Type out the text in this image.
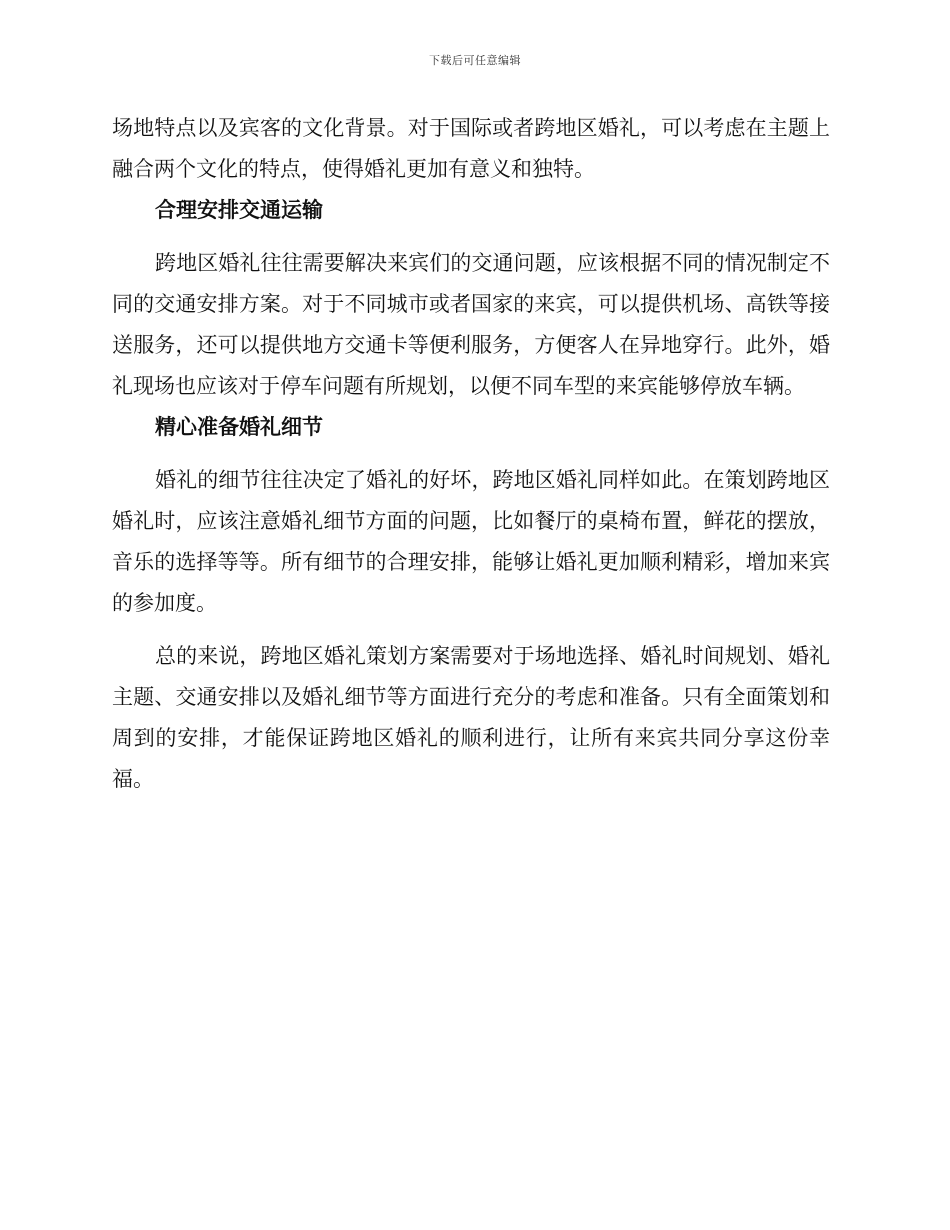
下载后可任意编辑

场地特点以及宾客的文化背景。对于国际或者跨地区婚礼，可以考虑在主题上融合两个文化的特点，使得婚礼更加有意义和独特。

合理安排交通运输

跨地区婚礼往往需要解决来宾们的交通问题，应该根据不同的情况制定不同的交通安排方案。对于不同城市或者国家的来宾，可以提供机场、高铁等接送服务，还可以提供地方交通卡等便利服务，方便客人在异地穿行。此外，婚礼现场也应该对于停车问题有所规划，以便不同车型的来宾能够停放车辆。

精心准备婚礼细节

婚礼的细节往往决定了婚礼的好坏，跨地区婚礼同样如此。在策划跨地区婚礼时，应该注意婚礼细节方面的问题，比如餐厅的桌椅布置，鲜花的摆放，音乐的选择等等。所有细节的合理安排，能够让婚礼更加顺利精彩，增加来宾的参加度。

总的来说，跨地区婚礼策划方案需要对于场地选择、婚礼时间规划、婚礼主题、交通安排以及婚礼细节等方面进行充分的考虑和准备。只有全面策划和周到的安排，才能保证跨地区婚礼的顺利进行，让所有来宾共同分享这份幸福。
